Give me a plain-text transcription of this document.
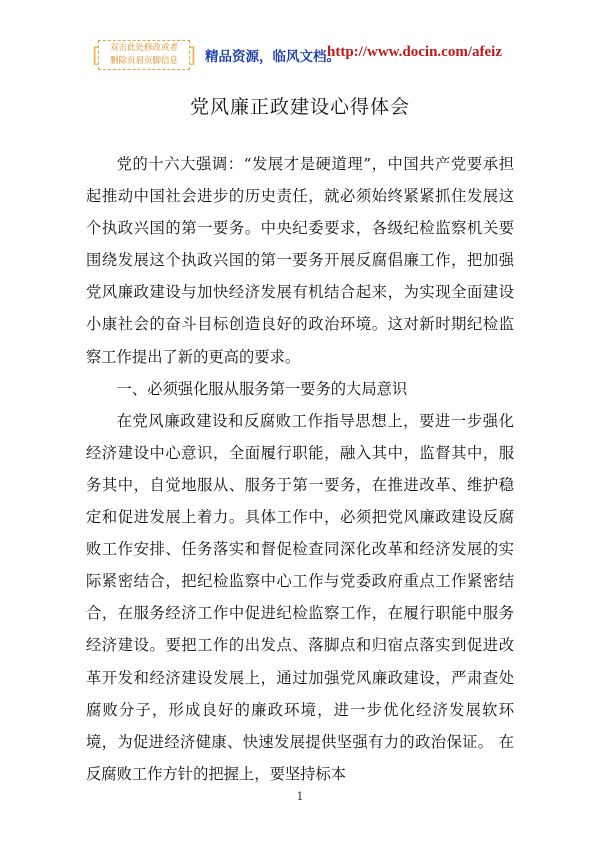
[	双击此处修改或者
删除页眉页脚信息 ] 精品资源，临风文档。
http://www.docin.com/afeiz
党风廉正政建设心得体会

党的十六大强调：“发展才是硬道理”，中国共产党要承担起推动中国社会进步的历史责任，就必须始终紧紧抓住发展这个执政兴国的第一要务。中央纪委要求，各级纪检监察机关要围绕发展这个执政兴国的第一要务开展反腐倡廉工作，把加强党风廉政建设与加快经济发展有机结合起来，为实现全面建设小康社会的奋斗目标创造良好的政治环境。这对新时期纪检监察工作提出了新的更高的要求。

一、必须强化服从服务第一要务的大局意识

在党风廉政建设和反腐败工作指导思想上，要进一步强化经济建设中心意识，全面履行职能，融入其中，监督其中，服务其中，自觉地服从、服务于第一要务，在推进改革、维护稳定和促进发展上着力。具体工作中，必须把党风廉政建设反腐败工作安排、任务落实和督促检查同深化改革和经济发展的实际紧密结合，把纪检监察中心工作与党委政府重点工作紧密结合，在服务经济工作中促进纪检监察工作，在履行职能中服务经济建设。要把工作的出发点、落脚点和归宿点落实到促进改革开发和经济建设发展上，通过加强党风廉政建设，严肃查处腐败分子，形成良好的廉政环境，进一步优化经济发展软环境，为促进经济健康、快速发展提供坚强有力的政治保证。 在反腐败工作方针的把握上，要坚持标本

1
